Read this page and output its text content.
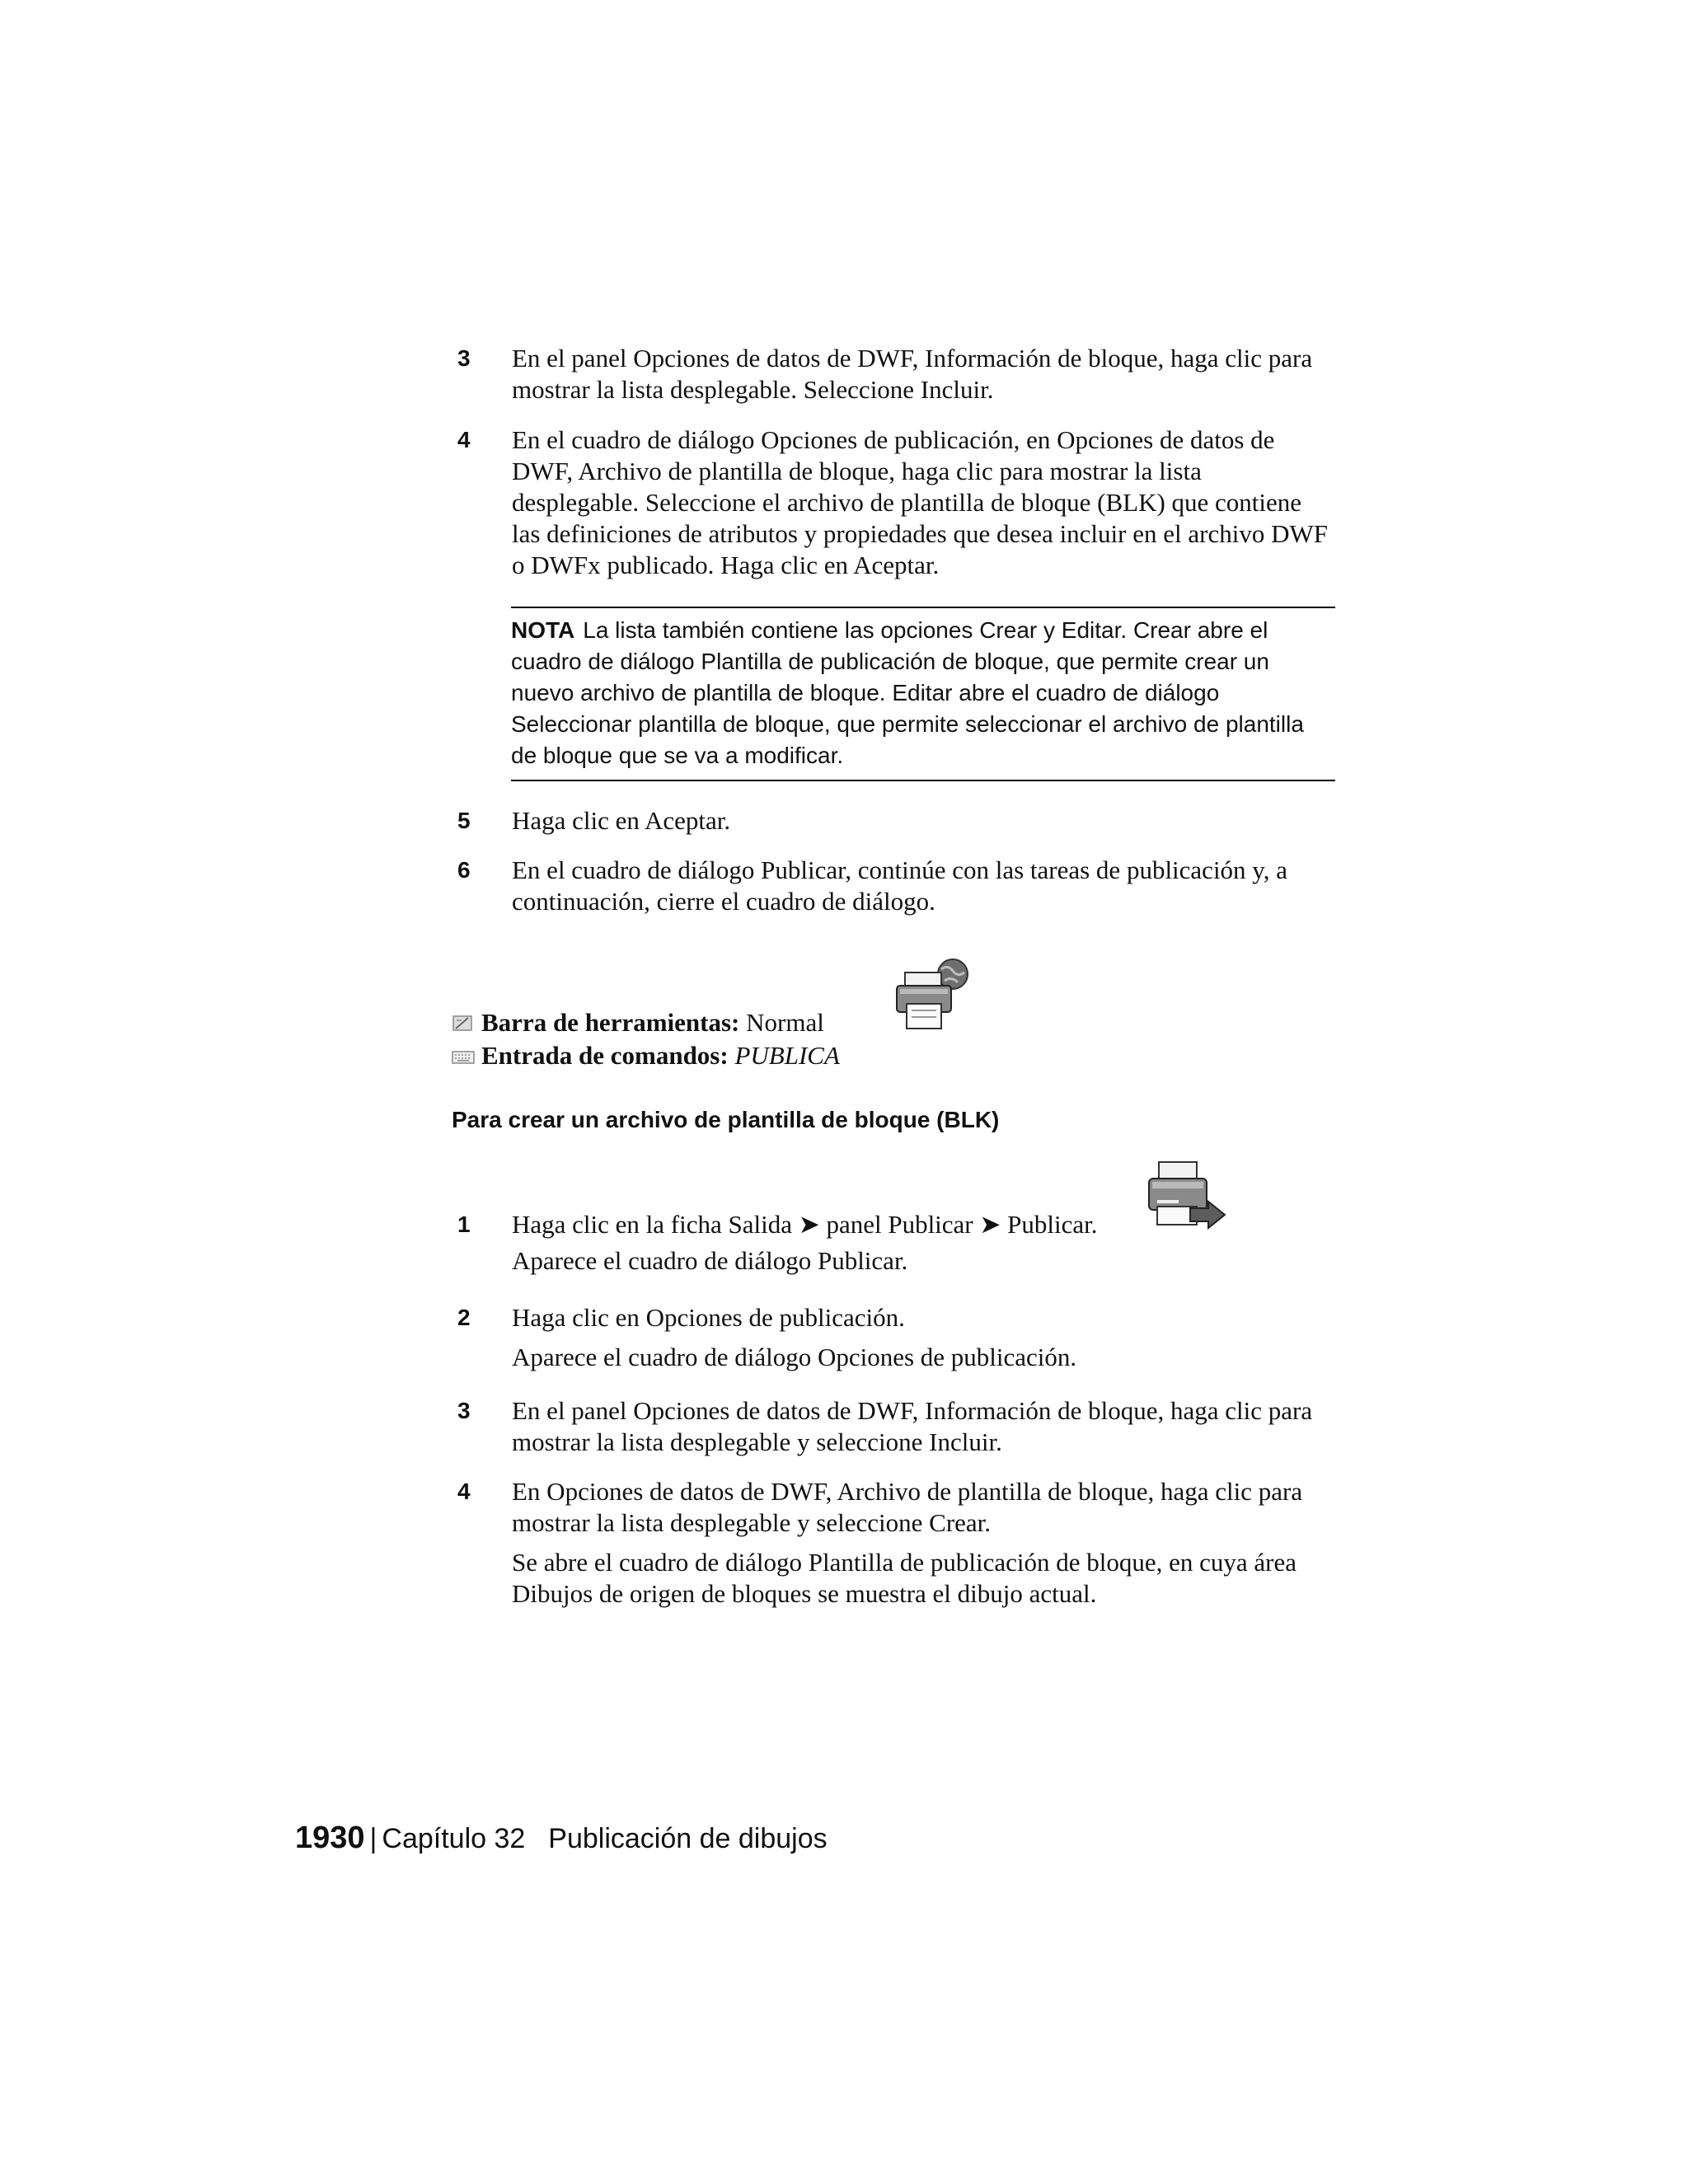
3	En el panel Opciones de datos de DWF, Información de bloque, haga clic para mostrar la lista desplegable. Seleccione Incluir.
4	En el cuadro de diálogo Opciones de publicación, en Opciones de datos de DWF, Archivo de plantilla de bloque, haga clic para mostrar la lista desplegable. Seleccione el archivo de plantilla de bloque (BLK) que contiene las definiciones de atributos y propiedades que desea incluir en el archivo DWF o DWFx publicado. Haga clic en Aceptar.
NOTA La lista también contiene las opciones Crear y Editar. Crear abre el cuadro de diálogo Plantilla de publicación de bloque, que permite crear un nuevo archivo de plantilla de bloque. Editar abre el cuadro de diálogo Seleccionar plantilla de bloque, que permite seleccionar el archivo de plantilla de bloque que se va a modificar.
5	Haga clic en Aceptar.
6	En el cuadro de diálogo Publicar, continúe con las tareas de publicación y, a continuación, cierre el cuadro de diálogo.
Barra de herramientas: Normal
Entrada de comandos: PUBLICA
Para crear un archivo de plantilla de bloque (BLK)
1	Haga clic en la ficha Salida ➤ panel Publicar ➤ Publicar.
Aparece el cuadro de diálogo Publicar.
2	Haga clic en Opciones de publicación.
Aparece el cuadro de diálogo Opciones de publicación.
3	En el panel Opciones de datos de DWF, Información de bloque, haga clic para mostrar la lista desplegable y seleccione Incluir.
4	En Opciones de datos de DWF, Archivo de plantilla de bloque, haga clic para mostrar la lista desplegable y seleccione Crear.
Se abre el cuadro de diálogo Plantilla de publicación de bloque, en cuya área Dibujos de origen de bloques se muestra el dibujo actual.
1930 | Capítulo 32 Publicación de dibujos
